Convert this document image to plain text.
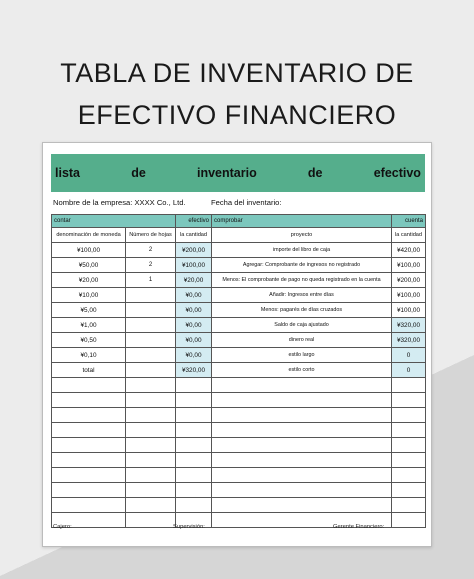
TABLA DE INVENTARIO DE
EFECTIVO FINANCIERO
lista	de	inventario	de	efectivo
Nombre de la empresa: XXXX Co., Ltd.	Fecha del inventario:
contar		efectivo	comprobar	cuenta
denominación de moneda	Número de hojas	la cantidad	proyecto	la cantidad
¥100,00	2	¥200,00	importe del libro de caja	¥420,00
¥50,00	2	¥100,00	Agregar: Comprobante de ingresos no registrado	¥100,00
¥20,00	1	¥20,00	Menos: El comprobante de pago no queda registrado en la cuenta	¥200,00
¥10,00		¥0,00	Añadir: Ingresos entre días	¥100,00
¥5,00		¥0,00	Menos: pagarés de días cruzados	¥100,00
¥1,00		¥0,00	Saldo de caja ajustado	¥320,00
¥0,50		¥0,00	dinero real	¥320,00
¥0,10		¥0,00	estilo largo	0
total		¥320,00	estilo corto	0

Cajero:	Supervisión:	Gerente Financiero:
